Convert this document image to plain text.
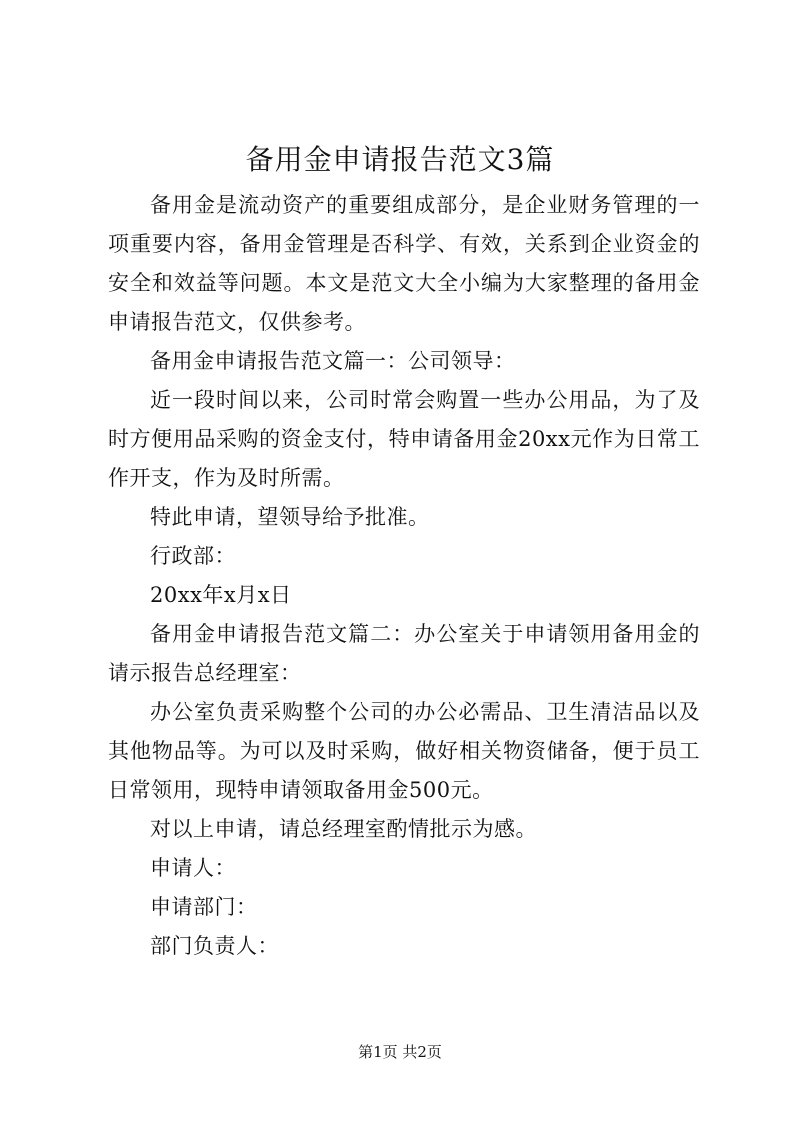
备用金申请报告范文3篇

备用金是流动资产的重要组成部分，是企业财务管理的一项重要内容，备用金管理是否科学、有效，关系到企业资金的安全和效益等问题。本文是范文大全小编为大家整理的备用金申请报告范文，仅供参考。

备用金申请报告范文篇一：公司领导：

近一段时间以来，公司时常会购置一些办公用品，为了及时方便用品采购的资金支付，特申请备用金20xx元作为日常工作开支，作为及时所需。

特此申请，望领导给予批准。

行政部：

20xx年x月x日

备用金申请报告范文篇二：办公室关于申请领用备用金的请示报告总经理室：

办公室负责采购整个公司的办公必需品、卫生清洁品以及其他物品等。为可以及时采购，做好相关物资储备，便于员工日常领用，现特申请领取备用金500元。

对以上申请，请总经理室酌情批示为感。

申请人：

申请部门：

部门负责人：

第1页 共2页
